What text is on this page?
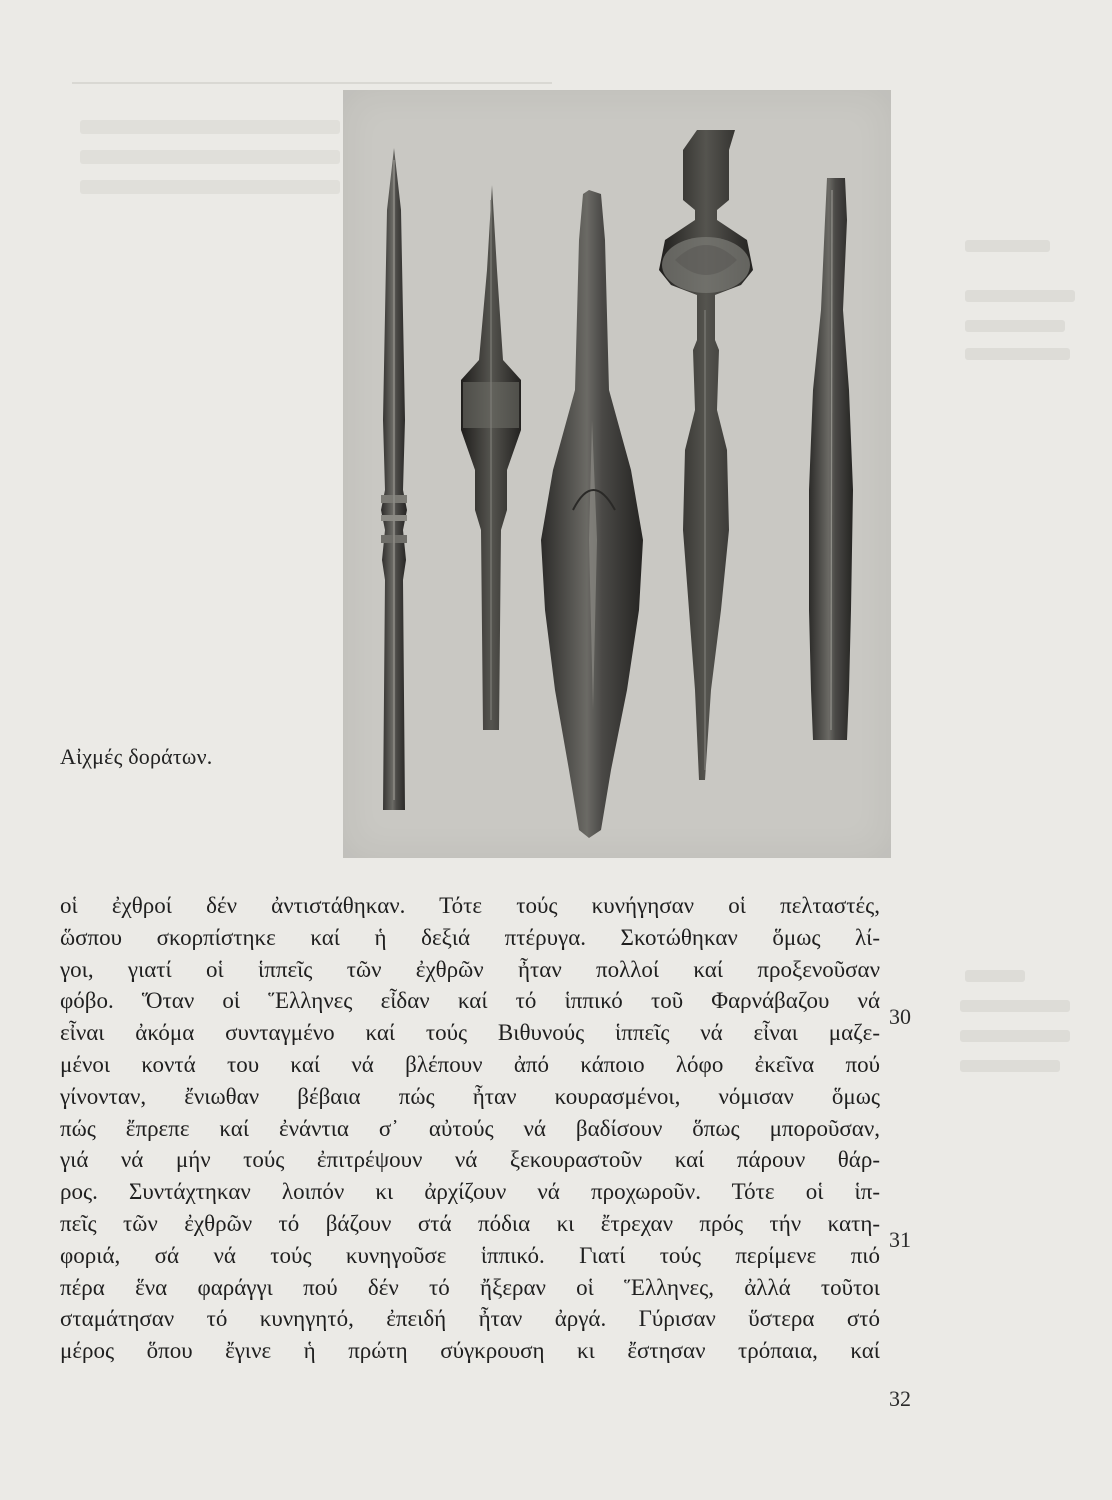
Αἰχμές δοράτων.
οἱ ἐχθροί δέν ἀντιστάθηκαν. Τότε τούς κυνήγησαν οἱ πελταστές,
ὥσπου σκορπίστηκε καί ἡ δεξιά πτέρυγα. Σκοτώθηκαν ὅμως λί-
γοι, γιατί οἱ ἱππεῖς τῶν ἐχθρῶν ἦταν πολλοί καί προξενοῦσαν
φόβο. Ὅταν οἱ Ἕλληνες εἶδαν καί τό ἱππικό τοῦ Φαρνάβαζου νά
εἶναι ἀκόμα συνταγμένο καί τούς Βιθυνούς ἱππεῖς νά εἶναι μαζε-
μένοι κοντά του καί νά βλέπουν ἀπό κάποιο λόφο ἐκεῖνα πού
γίνονταν, ἔνιωθαν βέβαια πώς ἦταν κουρασμένοι, νόμισαν ὅμως
πώς ἔπρεπε καί ἐνάντια σ᾿ αὐτούς νά βαδίσουν ὅπως μποροῦσαν,
γιά νά μήν τούς ἐπιτρέψουν νά ξεκουραστοῦν καί πάρουν θάρ-
ρος. Συντάχτηκαν λοιπόν κι ἀρχίζουν νά προχωροῦν. Τότε οἱ ἱπ-
πεῖς τῶν ἐχθρῶν τό βάζουν στά πόδια κι ἔτρεχαν πρός τήν κατη-
φοριά, σά νά τούς κυνηγοῦσε ἱππικό. Γιατί τούς περίμενε πιό
πέρα ἕνα φαράγγι πού δέν τό ἤξεραν οἱ Ἕλληνες, ἀλλά τοῦτοι
σταμάτησαν τό κυνηγητό, ἐπειδή ἦταν ἀργά. Γύρισαν ὕστερα στό
μέρος ὅπου ἔγινε ἡ πρώτη σύγκρουση κι ἔστησαν τρόπαια, καί
30
31
32
